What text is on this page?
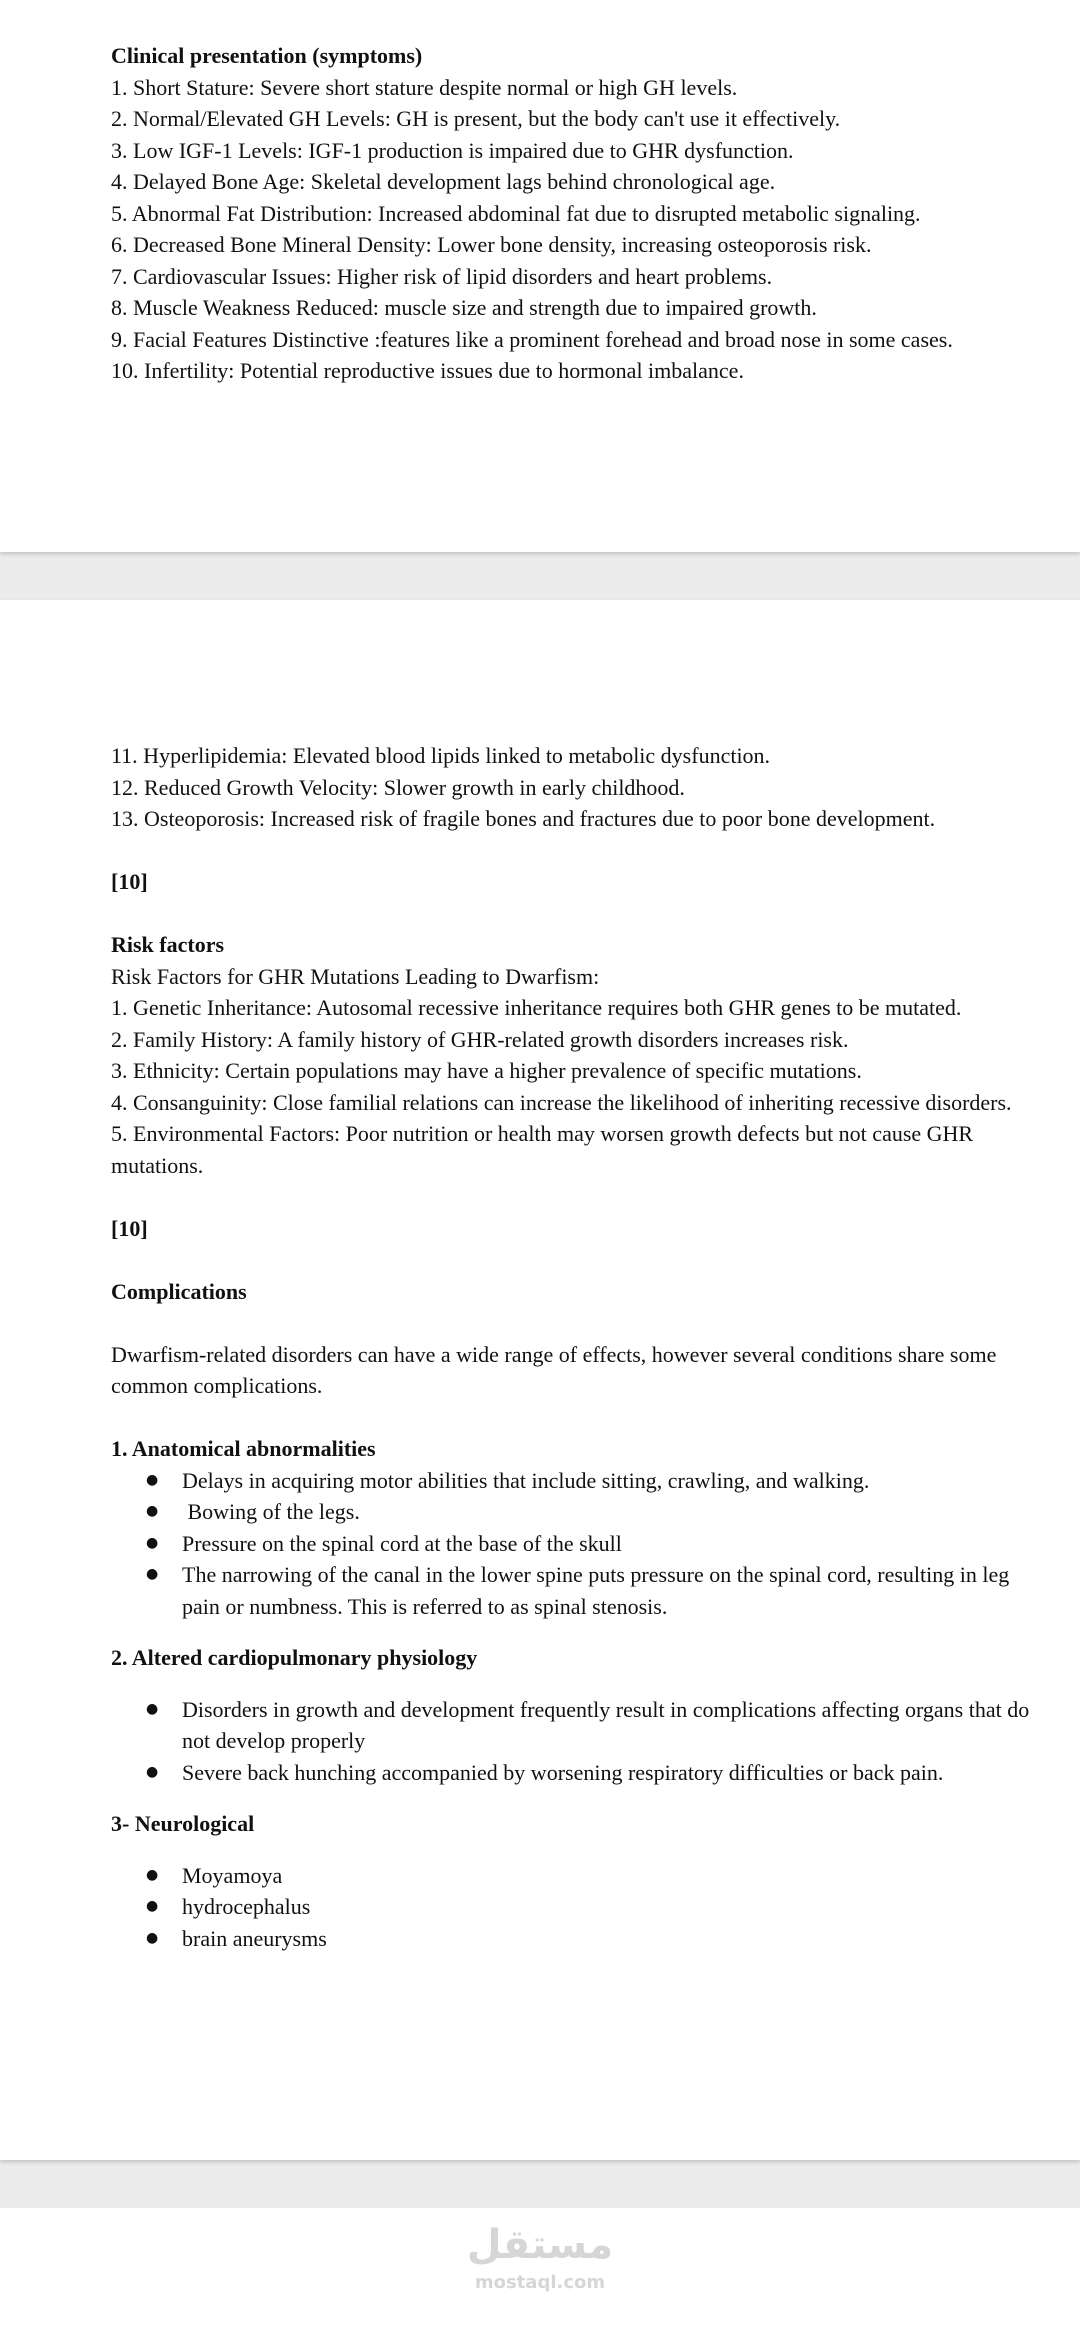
Clinical presentation (symptoms)

1. Short Stature: Severe short stature despite normal or high GH levels.

2. Normal/Elevated GH Levels: GH is present, but the body can't use it effectively.

3. Low IGF-1 Levels: IGF-1 production is impaired due to GHR dysfunction.

4. Delayed Bone Age: Skeletal development lags behind chronological age.

5. Abnormal Fat Distribution: Increased abdominal fat due to disrupted metabolic signaling.

6. Decreased Bone Mineral Density: Lower bone density, increasing osteoporosis risk.

7. Cardiovascular Issues: Higher risk of lipid disorders and heart problems.

8. Muscle Weakness Reduced: muscle size and strength due to impaired growth.

9. Facial Features Distinctive :features like a prominent forehead and broad nose in some cases.

10. Infertility: Potential reproductive issues due to hormonal imbalance.

11. Hyperlipidemia: Elevated blood lipids linked to metabolic dysfunction.

12. Reduced Growth Velocity: Slower growth in early childhood.

13. Osteoporosis: Increased risk of fragile bones and fractures due to poor bone development.

[10]

Risk factors

Risk Factors for GHR Mutations Leading to Dwarfism:

1. Genetic Inheritance: Autosomal recessive inheritance requires both GHR genes to be mutated.

2. Family History: A family history of GHR-related growth disorders increases risk.

3. Ethnicity: Certain populations may have a higher prevalence of specific mutations.

4. Consanguinity: Close familial relations can increase the likelihood of inheriting recessive disorders.

5. Environmental Factors: Poor nutrition or health may worsen growth defects but not cause GHR mutations.

[10]

Complications

Dwarfism-related disorders can have a wide range of effects, however several conditions share some common complications.

1. Anatomical abnormalities

● Delays in acquiring motor abilities that include sitting, crawling, and walking.
●  Bowing of the legs.
● Pressure on the spinal cord at the base of the skull
● The narrowing of the canal in the lower spine puts pressure on the spinal cord, resulting in leg pain or numbness. This is referred to as spinal stenosis.

2. Altered cardiopulmonary physiology

● Disorders in growth and development frequently result in complications affecting organs that do not develop properly
● Severe back hunching accompanied by worsening respiratory difficulties or back pain.

3- Neurological

● Moyamoya
● hydrocephalus
● brain aneurysms
مستقل
mostaql.com
